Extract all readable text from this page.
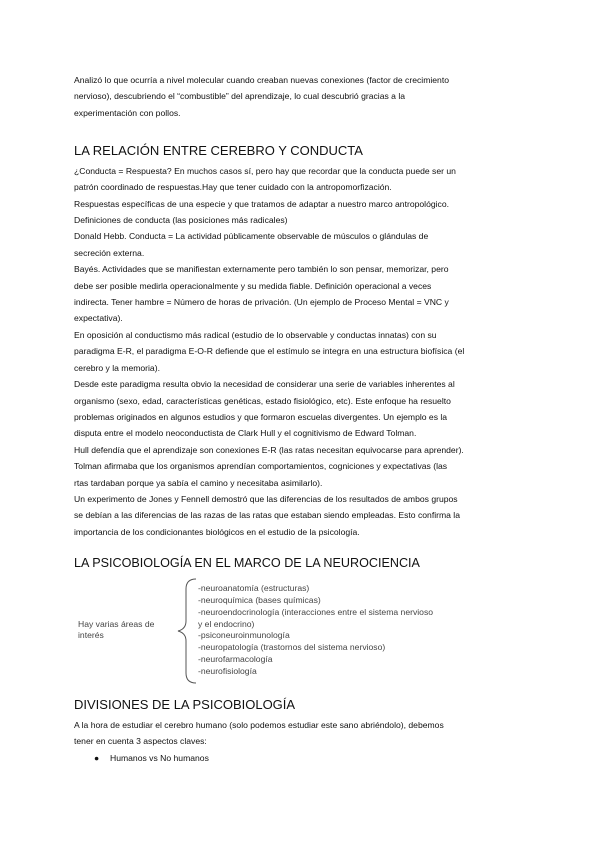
Analizó lo que ocurría a nivel molecular cuando creaban nuevas conexiones (factor de crecimiento

nervioso), descubriendo el “combustible” del aprendizaje, lo cual descubrió gracias a la

experimentación con pollos.

LA RELACIÓN ENTRE CEREBRO Y CONDUCTA

¿Conducta = Respuesta? En muchos casos sí, pero hay que recordar que la conducta puede ser un

patrón coordinado de respuestas.Hay que tener cuidado con la antropomorfización.

Respuestas específicas de una especie y que tratamos de adaptar a nuestro marco antropológico.

Definiciones de conducta (las posiciones más radicales)

Donald Hebb. Conducta = La actividad públicamente observable de músculos o glándulas de

secreción externa.

Bayés. Actividades que se manifiestan externamente pero también lo son pensar, memorizar, pero

debe ser posible medirla operacionalmente y su medida fiable. Definición operacional a veces

indirecta. Tener hambre = Número de horas de privación. (Un ejemplo de Proceso Mental = VNC y

expectativa).

En oposición al conductismo más radical (estudio de lo observable y conductas innatas) con su

paradigma E-R, el paradigma E-O-R defiende que el estímulo se integra en una estructura biofísica (el

cerebro y la memoria).

Desde este paradigma resulta obvio la necesidad de considerar una serie de variables inherentes al

organismo (sexo, edad, características genéticas, estado fisiológico, etc). Este enfoque ha resuelto

problemas originados en algunos estudios y que formaron escuelas divergentes. Un ejemplo es la

disputa entre el modelo neoconductista de Clark Hull y el cognitivismo de Edward Tolman.

Hull defendía que el aprendizaje son conexiones E-R (las ratas necesitan equivocarse para aprender).

Tolman afirmaba que los organismos aprendían comportamientos, cogniciones y expectativas (las

rtas tardaban porque ya sabía el camino y necesitaba asimilarlo).

Un experimento de Jones y Fennell demostró que las diferencias de los resultados de ambos grupos

se debían a las diferencias de las razas de las ratas que estaban siendo empleadas. Esto confirma la

importancia de los condicionantes biológicos en el estudio de la psicología.

LA PSICOBIOLOGÍA EN EL MARCO DE LA NEUROCIENCIA
Hay varias áreas de interés
-neuroanatomía (estructuras)
-neuroquímica (bases químicas)
-neuroendocrinología (interacciones entre el sistema nervioso
y el endocrino)
-psiconeuroinmunología
-neuropatología (trastornos del sistema nervioso)
-neurofarmacología
-neurofisiología
DIVISIONES DE LA PSICOBIOLOGÍA

A la hora de estudiar el cerebro humano (solo podemos estudiar este sano abriéndolo), debemos

tener en cuenta 3 aspectos claves:

● Humanos vs No humanos
